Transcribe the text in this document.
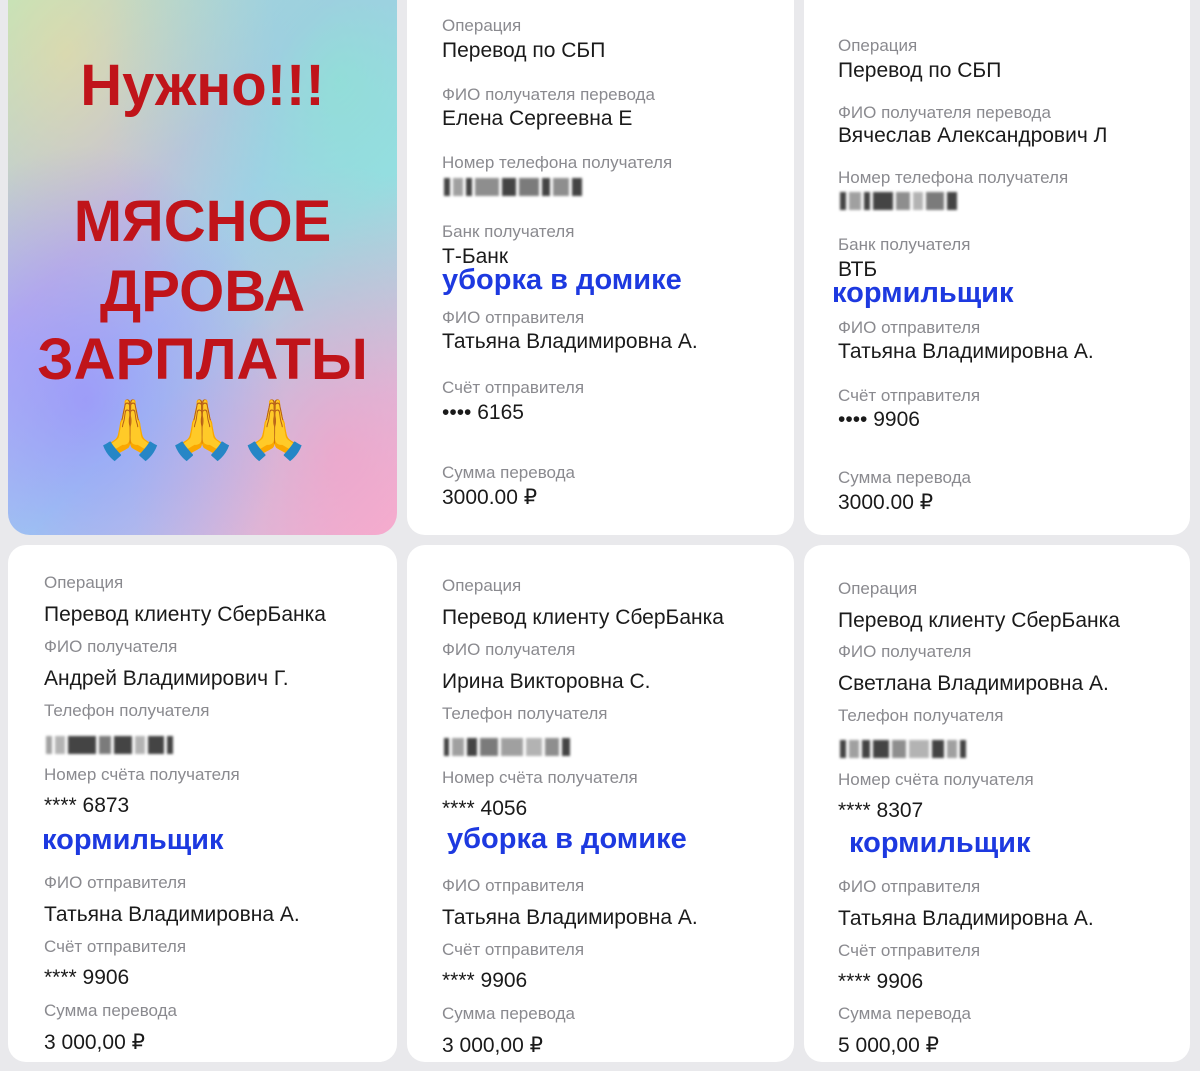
Нужно!!!
МЯСНОЕ
ДРОВА
ЗАРПЛАТЫ
🙏🙏🙏
Операция
Перевод по СБП
ФИО получателя перевода
Елена Сергеевна Е
Номер телефона получателя
Банк получателя
Т-Банк
уборка в домике
ФИО отправителя
Татьяна Владимировна А.
Счёт отправителя
•••• 6165
Сумма перевода
3000.00 ₽
Операция
Перевод по СБП
ФИО получателя перевода
Вячеслав Александрович Л
Номер телефона получателя
Банк получателя
ВТБ
кормильщик
ФИО отправителя
Татьяна Владимировна А.
Счёт отправителя
•••• 9906
Сумма перевода
3000.00 ₽
Операция
Перевод клиенту СберБанка
ФИО получателя
Андрей Владимирович Г.
Телефон получателя
Номер счёта получателя
**** 6873
кормильщик
ФИО отправителя
Татьяна Владимировна А.
Счёт отправителя
**** 9906
Сумма перевода
3 000,00 ₽
Операция
Перевод клиенту СберБанка
ФИО получателя
Ирина Викторовна С.
Телефон получателя
Номер счёта получателя
**** 4056
уборка в домике
ФИО отправителя
Татьяна Владимировна А.
Счёт отправителя
**** 9906
Сумма перевода
3 000,00 ₽
Операция
Перевод клиенту СберБанка
ФИО получателя
Светлана Владимировна А.
Телефон получателя
Номер счёта получателя
**** 8307
кормильщик
ФИО отправителя
Татьяна Владимировна А.
Счёт отправителя
**** 9906
Сумма перевода
5 000,00 ₽
